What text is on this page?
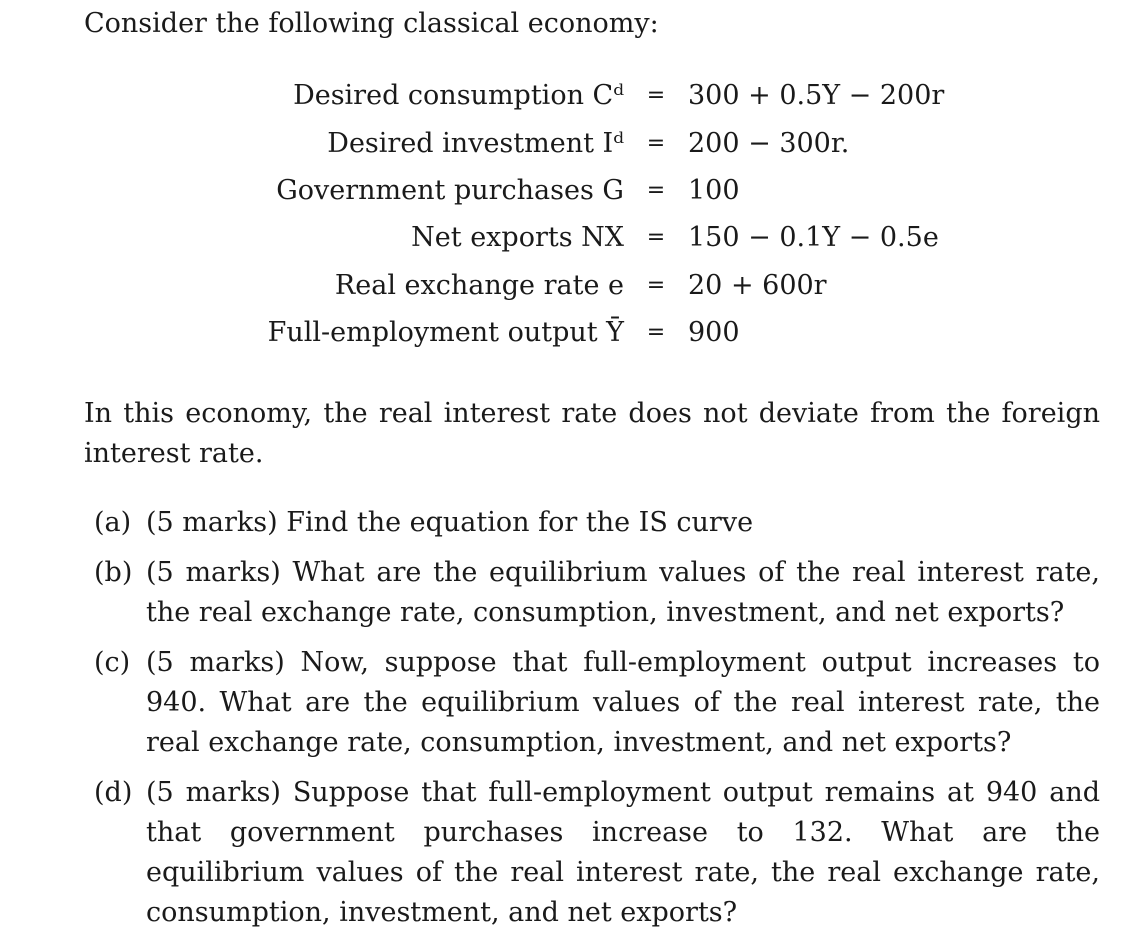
Consider the following classical economy:
Desired consumption Cᵈ	=	300 + 0.5Y − 200r
Desired investment Iᵈ	=	200 − 300r.
Government purchases G	=	100
Net exports NX	=	150 − 0.1Y − 0.5e
Real exchange rate e	=	20 + 600r
Full-employment output Ȳ	=	900
In this economy, the real interest rate does not deviate from the foreign interest rate.
(a) (5 marks) Find the equation for the IS curve
(b) (5 marks) What are the equilibrium values of the real interest rate, the real exchange rate, consumption, investment, and net exports?
(c) (5 marks) Now, suppose that full-employment output increases to 940. What are the equilibrium values of the real interest rate, the real exchange rate, consumption, investment, and net exports?
(d) (5 marks) Suppose that full-employment output remains at 940 and that government purchases increase to 132. What are the equilibrium values of the real interest rate, the real exchange rate, consumption, investment, and net exports?
